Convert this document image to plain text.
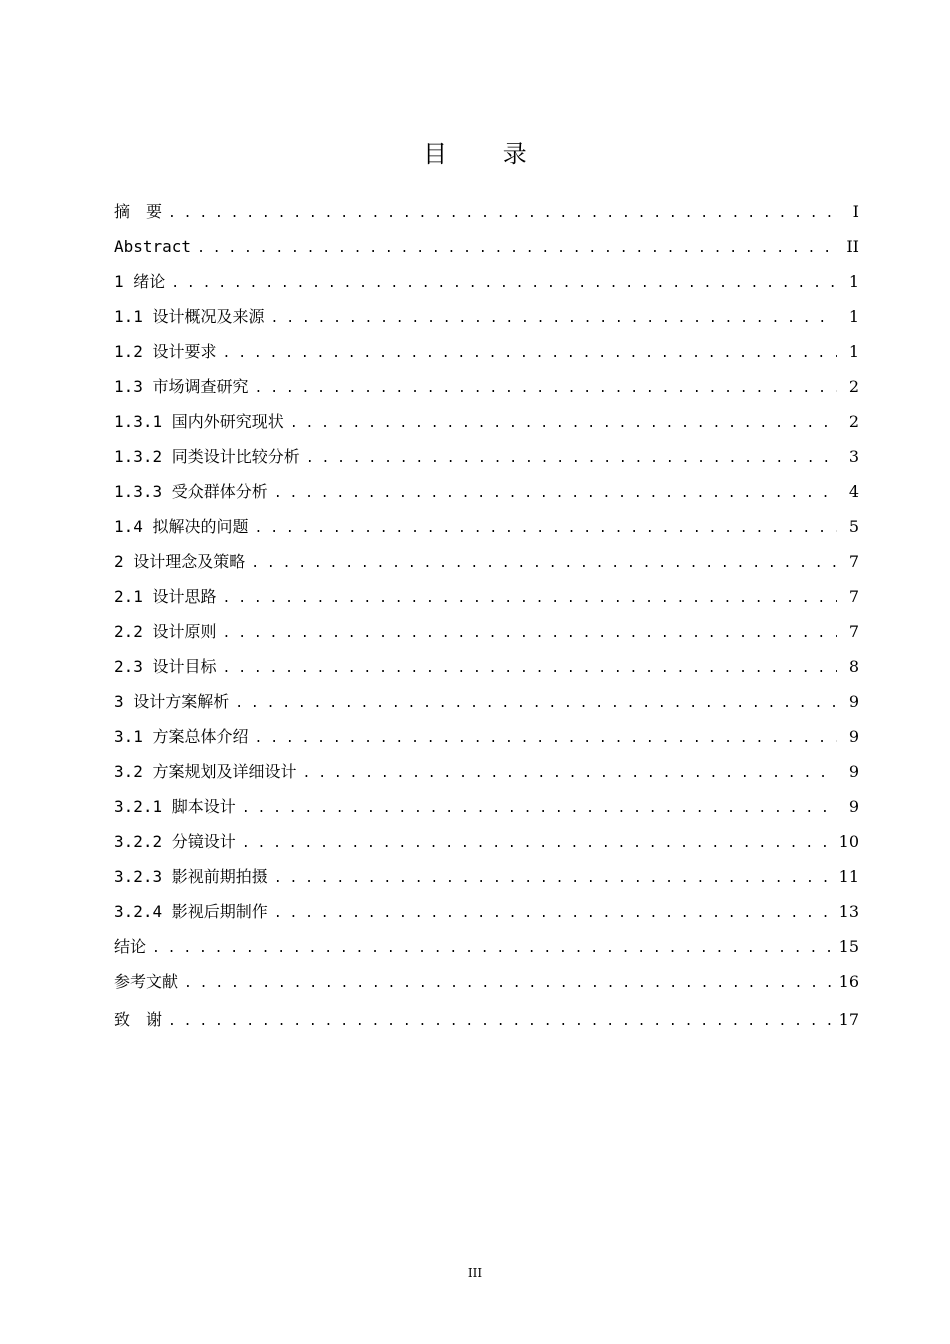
目 录
摘　要 . . .	I
Abstract . . .	II
1 绪论 . . .	1
1.1 设计概况及来源 . . .	1
1.2 设计要求 . . .	1
1.3 市场调查研究 . . .	2
1.3.1 国内外研究现状 . . .	2
1.3.2 同类设计比较分析 . . .	3
1.3.3 受众群体分析 . . .	4
1.4 拟解决的问题 . . .	5
2 设计理念及策略 . . .	7
2.1 设计思路 . . .	7
2.2 设计原则 . . .	7
2.3 设计目标 . . .	8
3 设计方案解析 . . .	9
3.1 方案总体介绍 . . .	9
3.2 方案规划及详细设计 . . .	9
3.2.1 脚本设计 . . .	9
3.2.2 分镜设计 . . .	10
3.2.3 影视前期拍摄 . . .	11
3.2.4 影视后期制作 . . .	13
结论 . . .	15
参考文献 . . .	16
致　谢 . . .	17
III
